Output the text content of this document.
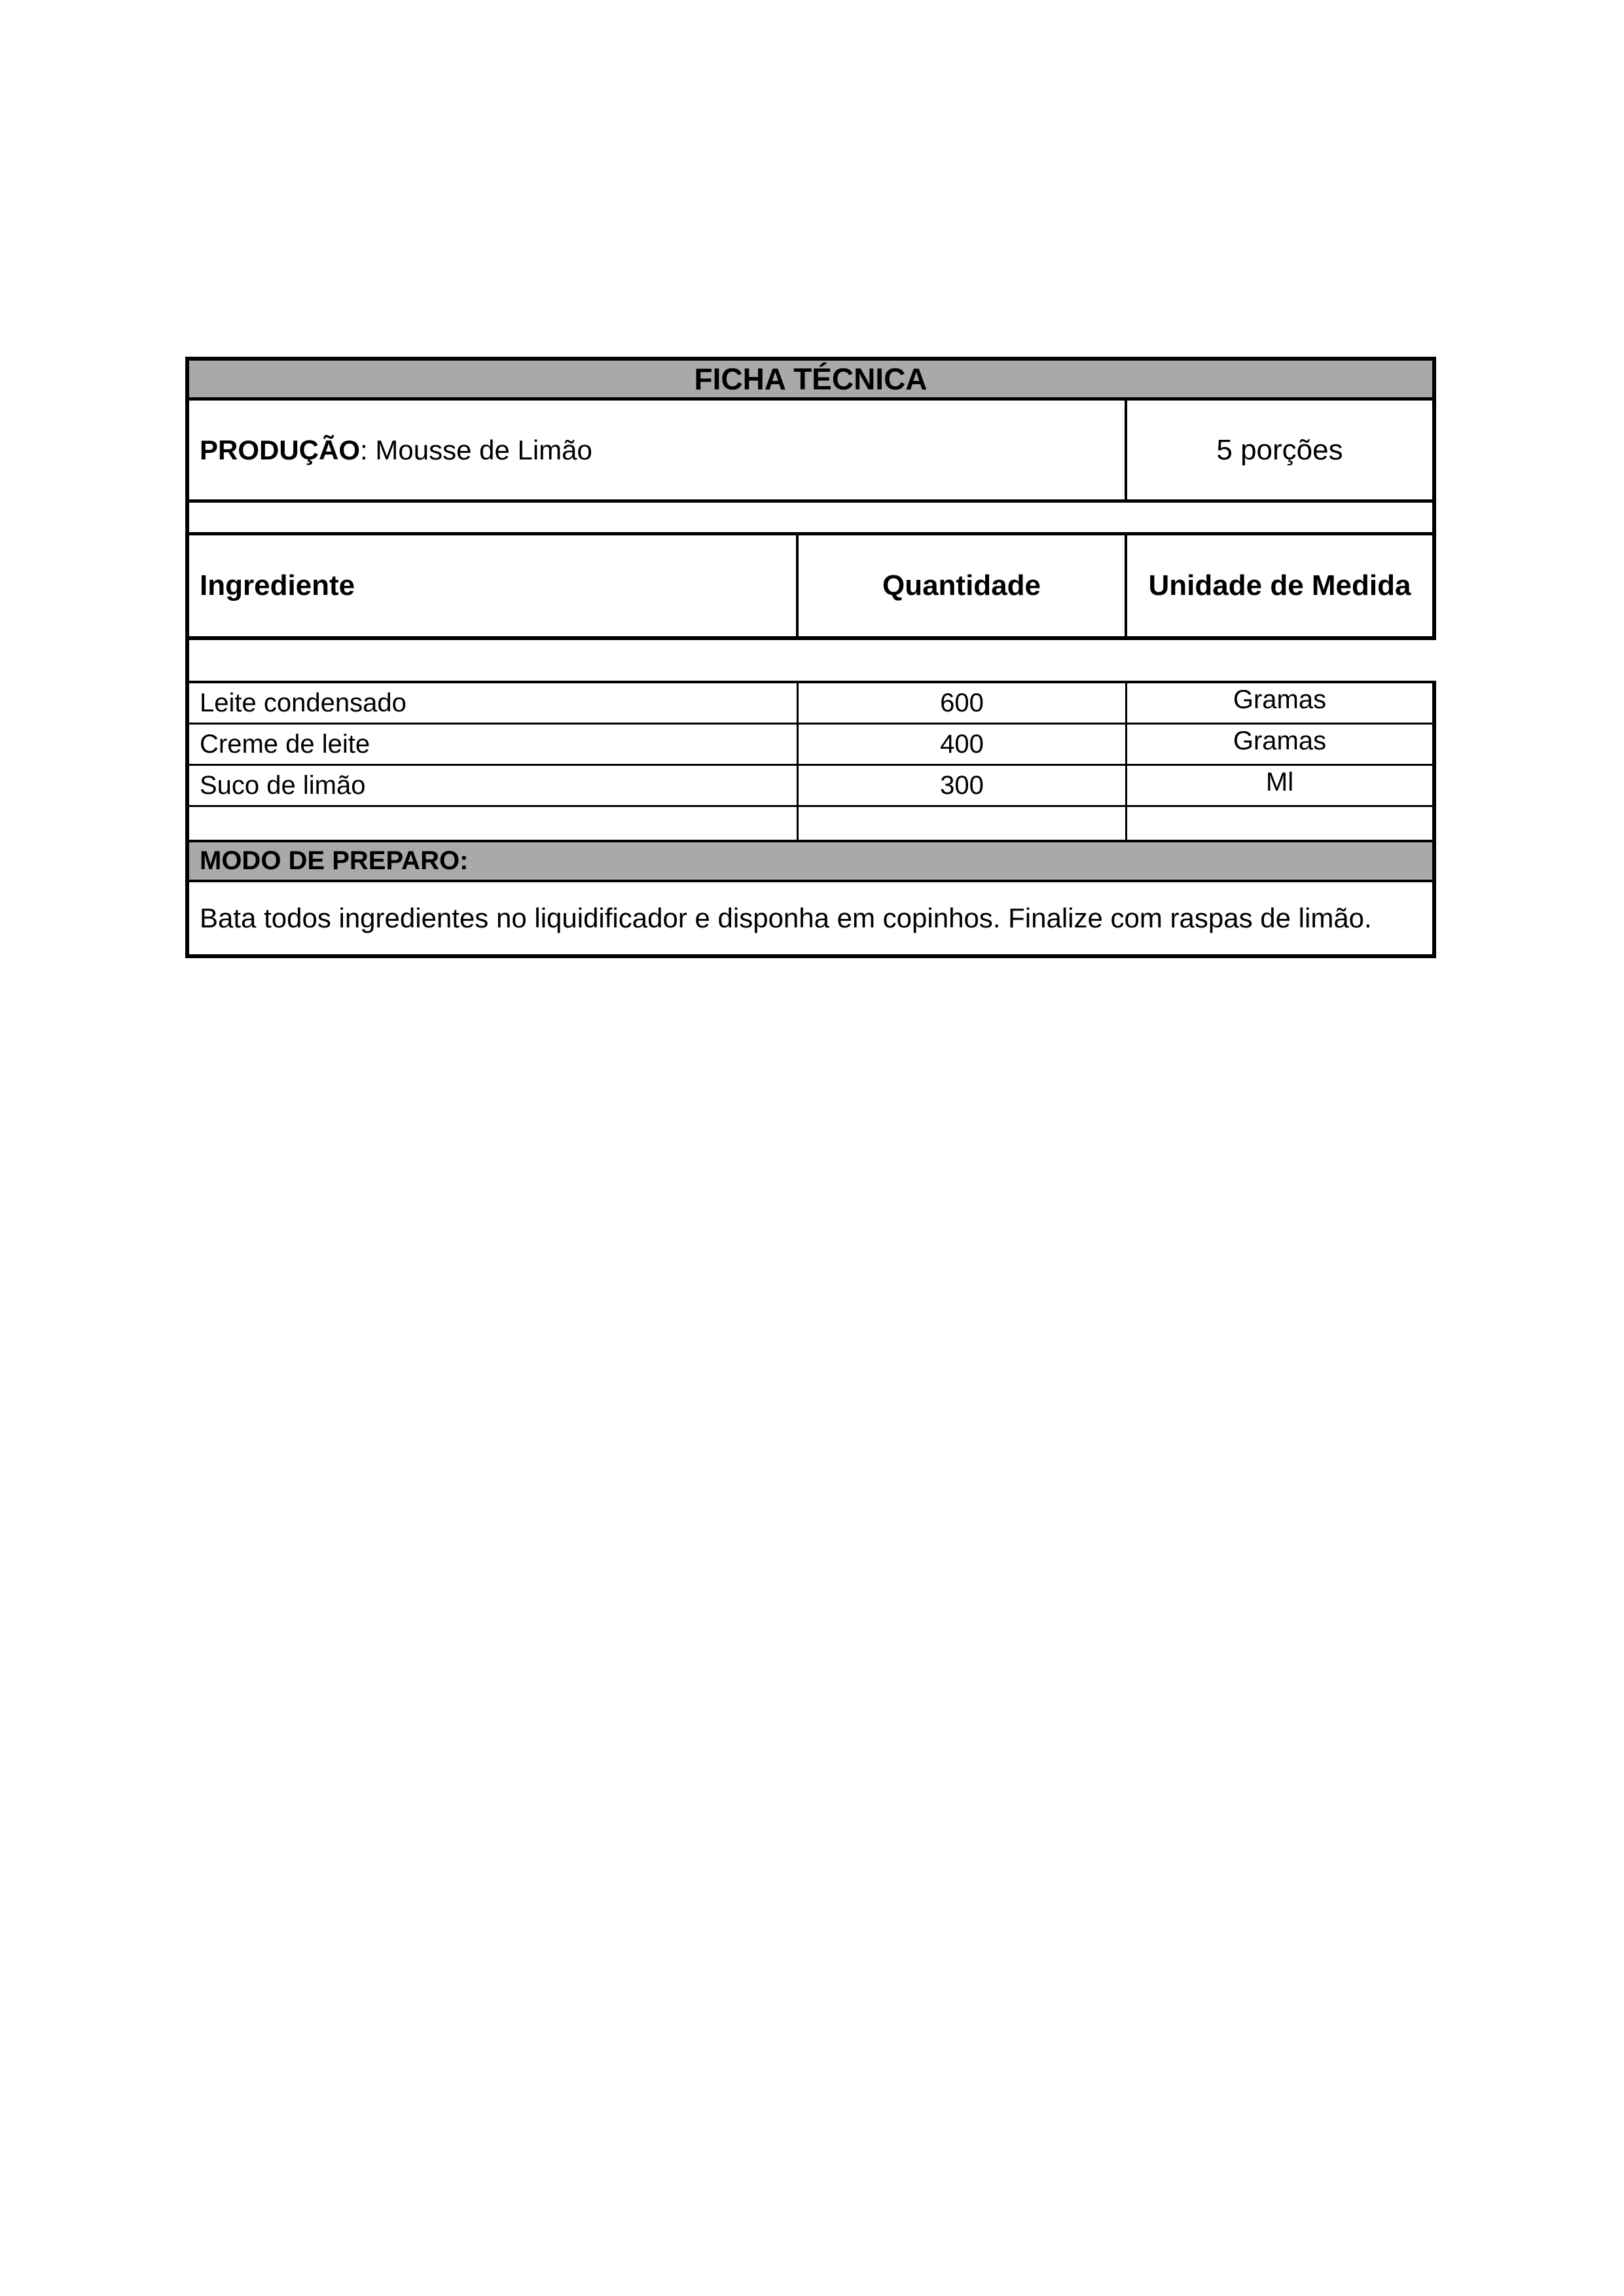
FICHA TÉCNICA
PRODUÇÃO : Mousse de Limão	5 porções
Ingrediente	Quantidade	Unidade de Medida
Leite condensado	600	Gramas
Creme de leite	400	Gramas
Suco de limão	300	Ml
MODO DE PREPARO:
Bata todos ingredientes no liquidificador e disponha em copinhos. Finalize com raspas de limão.
